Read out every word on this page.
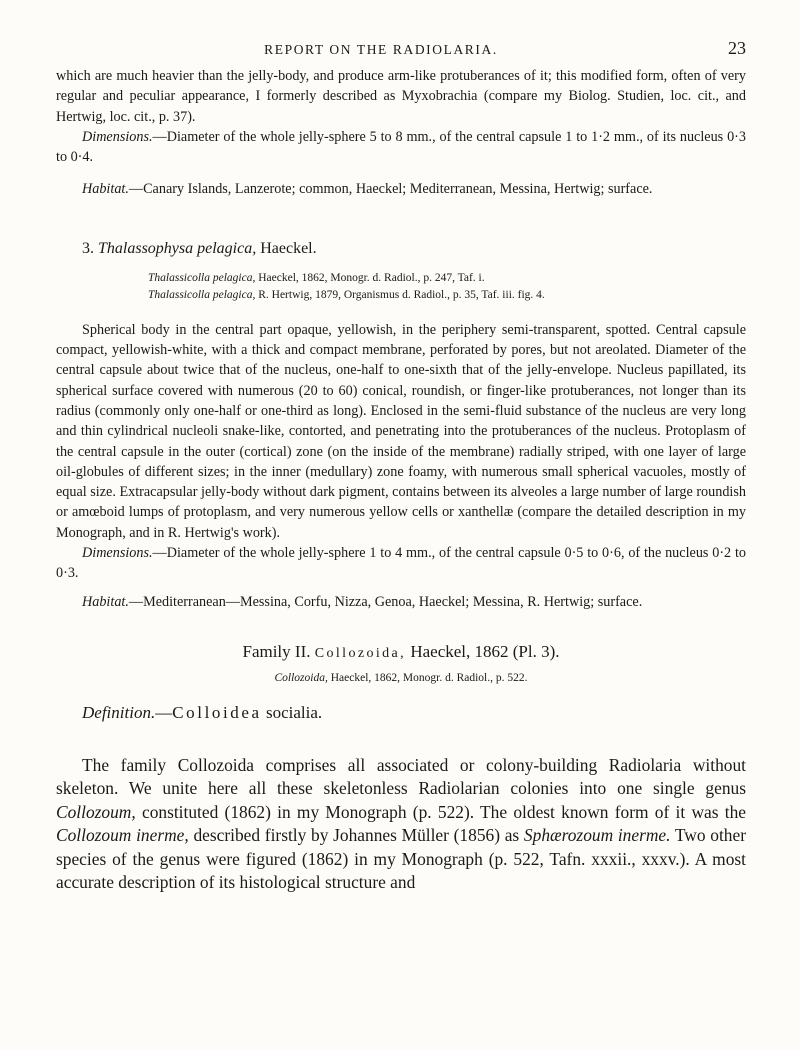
REPORT ON THE RADIOLARIA.	23

which are much heavier than the jelly-body, and produce arm-like protuberances of it; this modified form, often of very regular and peculiar appearance, I formerly described as Myxobrachia (compare my Biolog. Studien, loc. cit., and Hertwig, loc. cit., p. 37).

Dimensions.—Diameter of the whole jelly-sphere 5 to 8 mm., of the central capsule 1 to 1·2 mm., of its nucleus 0·3 to 0·4.

Habitat.—Canary Islands, Lanzerote; common, Haeckel; Mediterranean, Messina, Hertwig; surface.

3. Thalassophysa pelagica, Haeckel.
Thalassicolla pelagica, Haeckel, 1862, Monogr. d. Radiol., p. 247, Taf. i.
Thalassicolla pelagica, R. Hertwig, 1879, Organismus d. Radiol., p. 35, Taf. iii. fig. 4.

Spherical body in the central part opaque, yellowish, in the periphery semi-transparent, spotted. Central capsule compact, yellowish-white, with a thick and compact membrane, perforated by pores, but not areolated. Diameter of the central capsule about twice that of the nucleus, one-half to one-sixth that of the jelly-envelope. Nucleus papillated, its spherical surface covered with numerous (20 to 60) conical, roundish, or finger-like protuberances, not longer than its radius (commonly only one-half or one-third as long). Enclosed in the semi-fluid substance of the nucleus are very long and thin cylindrical nucleoli snake-like, contorted, and penetrating into the protuberances of the nucleus. Protoplasm of the central capsule in the outer (cortical) zone (on the inside of the membrane) radially striped, with one layer of large oil-globules of different sizes; in the inner (medullary) zone foamy, with numerous small spherical vacuoles, mostly of equal size. Extracapsular jelly-body without dark pigment, contains between its alveoles a large number of large roundish or amœboid lumps of protoplasm, and very numerous yellow cells or xanthellæ (compare the detailed description in my Monograph, and in R. Hertwig's work).

Dimensions.—Diameter of the whole jelly-sphere 1 to 4 mm., of the central capsule 0·5 to 0·6, of the nucleus 0·2 to 0·3.

Habitat.—Mediterranean—Messina, Corfu, Nizza, Genoa, Haeckel; Messina, R. Hertwig; surface.

Family II. Collozoida, Haeckel, 1862 (Pl. 3).
Collozoida, Haeckel, 1862, Monogr. d. Radiol., p. 522.
Definition.—Colloidea socialia.

The family Collozoida comprises all associated or colony-building Radiolaria without skeleton. We unite here all these skeletonless Radiolarian colonies into one single genus Collozoum, constituted (1862) in my Monograph (p. 522). The oldest known form of it was the Collozoum inerme, described firstly by Johannes Müller (1856) as Sphærozoum inerme. Two other species of the genus were figured (1862) in my Monograph (p. 522, Tafn. xxxii., xxxv.). A most accurate description of its histological structure and
